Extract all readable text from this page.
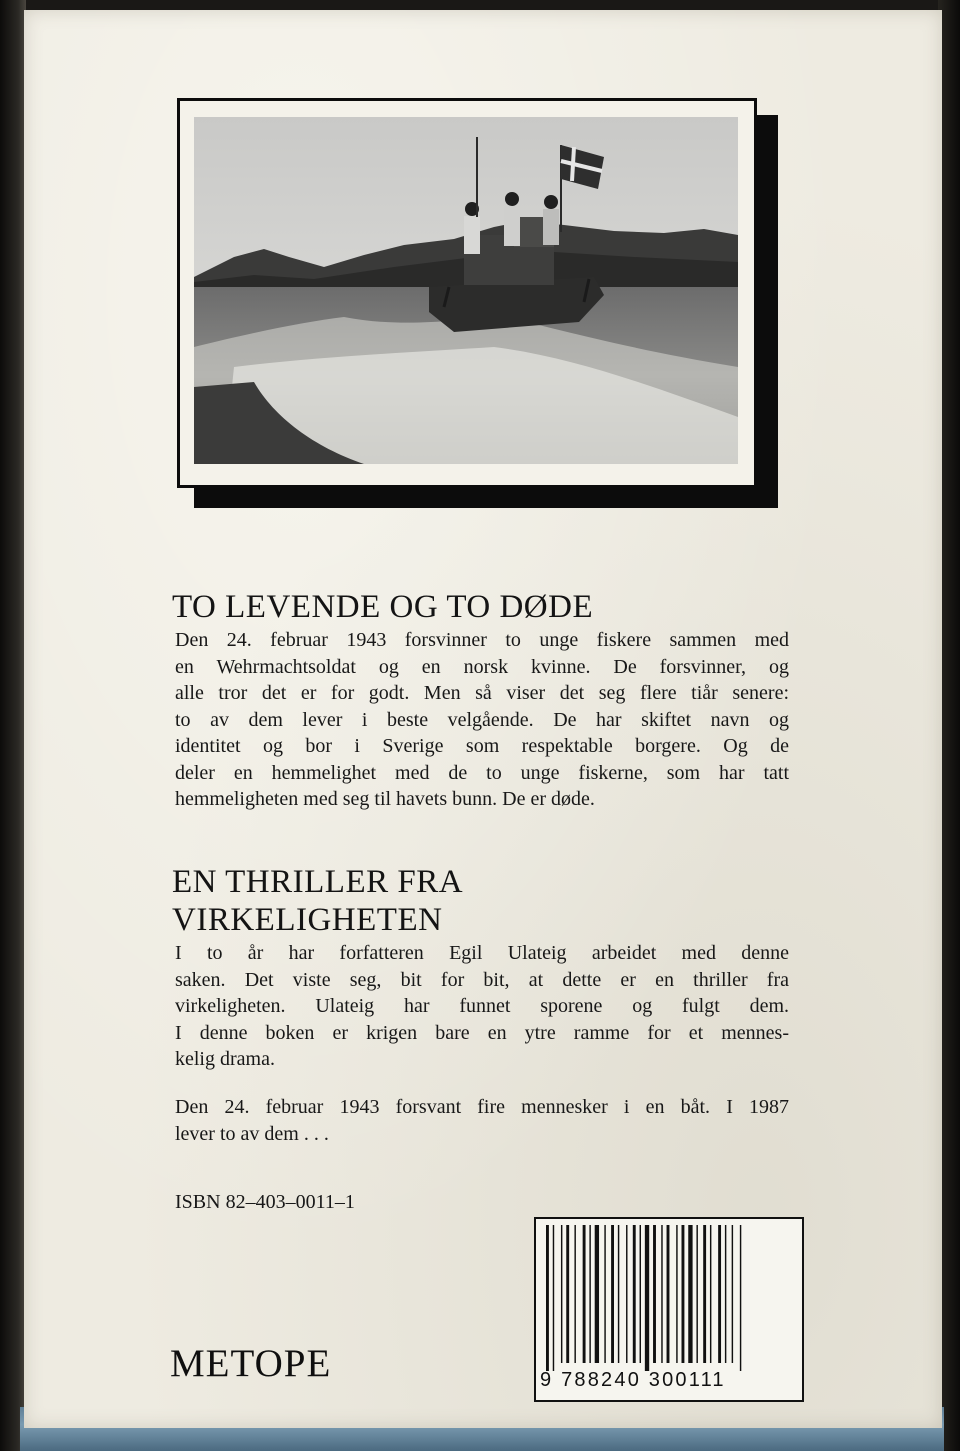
TO LEVENDE OG TO DØDE
Den 24. februar 1943 forsvinner to unge fiskere sammen med
en Wehrmachtsoldat og en norsk kvinne. De forsvinner, og
alle tror det er for godt. Men så viser det seg flere tiår senere:
to av dem lever i beste velgående. De har skiftet navn og
identitet og bor i Sverige som respektable borgere. Og de
deler en hemmelighet med de to unge fiskerne, som har tatt
hemmeligheten med seg til havets bunn. De er døde.
EN THRILLER FRA
VIRKELIGHETEN
I to år har forfatteren Egil Ulateig arbeidet med denne
saken. Det viste seg, bit for bit, at dette er en thriller fra
virkeligheten. Ulateig har funnet sporene og fulgt dem.
I denne boken er krigen bare en ytre ramme for et mennes-
kelig drama.
Den 24. februar 1943 forsvant fire mennesker i en båt. I 1987
lever to av dem . . .

ISBN 82–403–0011–1

METOPE	9 788240 300111
